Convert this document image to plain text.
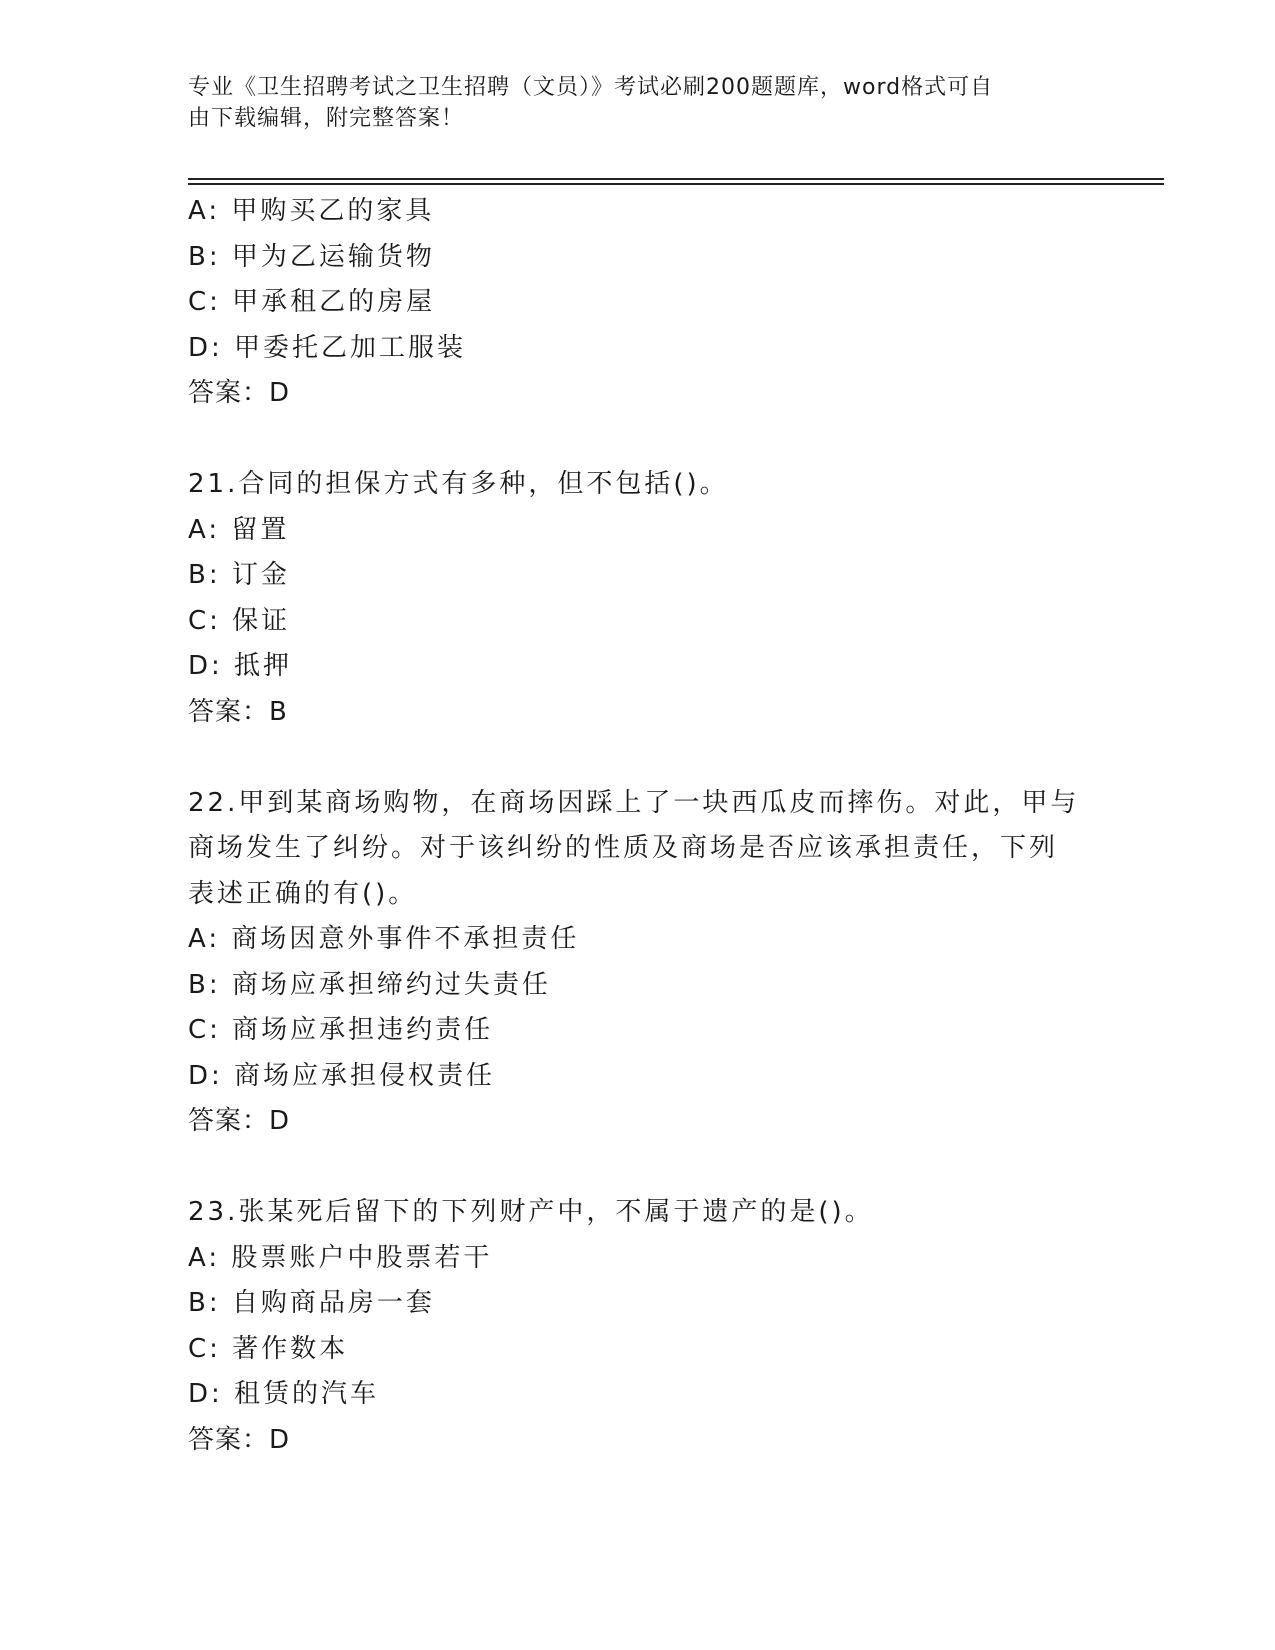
专业《卫生招聘考试之卫生招聘（文员）》考试必刷200题题库，word格式可自
由下载编辑，附完整答案！
A: 甲购买乙的家具
B: 甲为乙运输货物
C: 甲承租乙的房屋
D: 甲委托乙加工服装
答案：D
21.合同的担保方式有多种，但不包括()。
A: 留置
B: 订金
C: 保证
D: 抵押
答案：B
22.甲到某商场购物，在商场因踩上了一块西瓜皮而摔伤。对此，甲与
商场发生了纠纷。对于该纠纷的性质及商场是否应该承担责任，下列
表述正确的有()。
A: 商场因意外事件不承担责任
B: 商场应承担缔约过失责任
C: 商场应承担违约责任
D: 商场应承担侵权责任
答案：D
23.张某死后留下的下列财产中，不属于遗产的是()。
A: 股票账户中股票若干
B: 自购商品房一套
C: 著作数本
D: 租赁的汽车
答案：D
